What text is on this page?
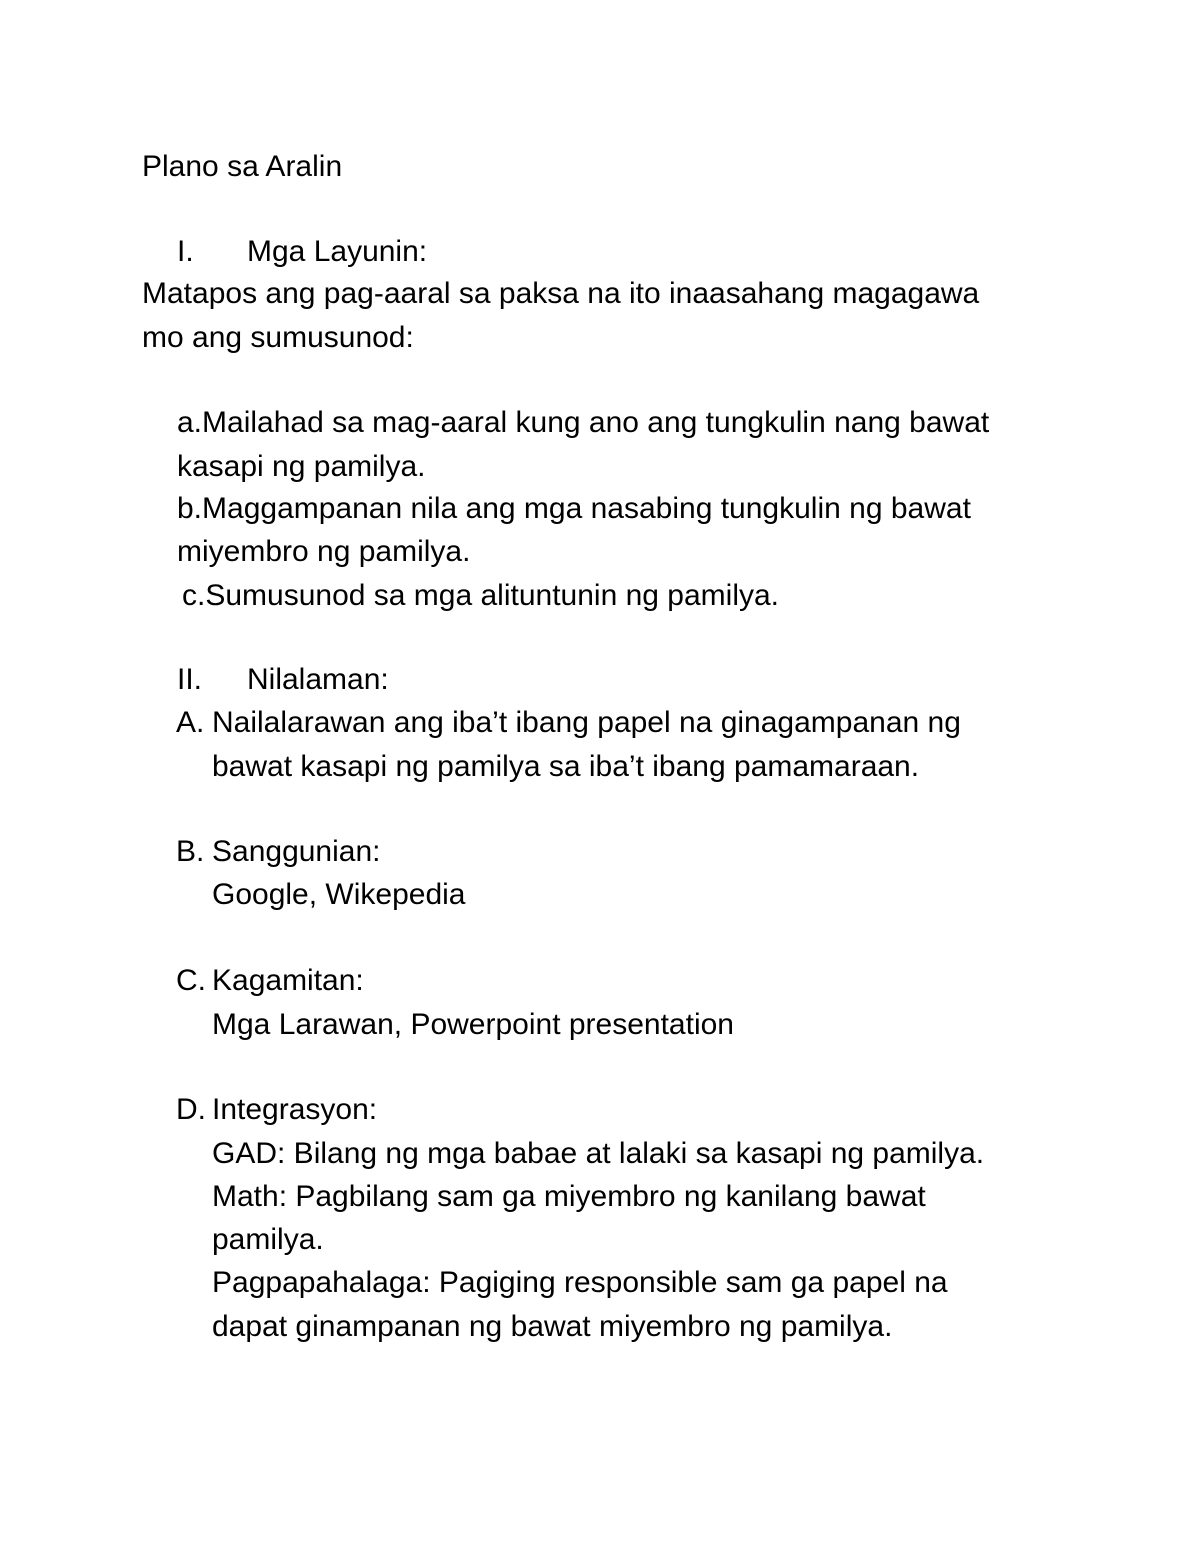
Plano sa Aralin
I. Mga Layunin:
Matapos ang pag-aaral sa paksa na ito inaasahang magagawa
mo ang sumusunod:
a.Mailahad sa mag-aaral kung ano ang tungkulin nang bawat
kasapi ng pamilya.
b.Maggampanan nila ang mga nasabing tungkulin ng bawat
miyembro ng pamilya.
c.Sumusunod sa mga alituntunin ng pamilya.
II. Nilalaman:
A. Nailalarawan ang iba’t ibang papel na ginagampanan ng
bawat kasapi ng pamilya sa iba’t ibang pamamaraan.
B. Sanggunian:
Google, Wikepedia
C. Kagamitan:
Mga Larawan, Powerpoint presentation
D. Integrasyon:
GAD: Bilang ng mga babae at lalaki sa kasapi ng pamilya.
Math: Pagbilang sam ga miyembro ng kanilang bawat
pamilya.
Pagpapahalaga: Pagiging responsible sam ga papel na
dapat ginampanan ng bawat miyembro ng pamilya.
